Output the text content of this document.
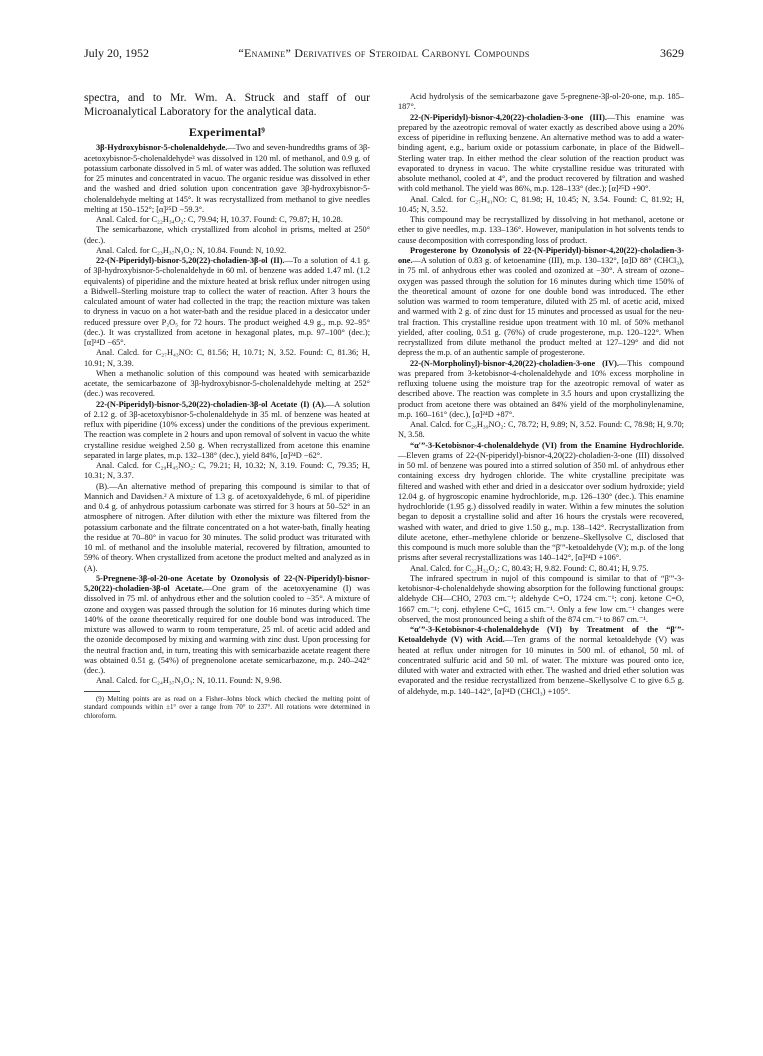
July 20, 1952	“Enamine” Derivatives of Steroidal Carbonyl Compounds	3629

spectra, and to Mr. Wm. A. Struck and staff of our Microanalytical Laboratory for the analytical data.

Experimental⁹

3β-Hydroxybisnor-5-cholenaldehyde.—Two and seven-hundredths grams of 3β-acetoxybisnor-5-cholenaldehyde³ was dissolved in 120 ml. of methanol, and 0.9 g. of potassium carbonate dissolved in 5 ml. of water was added. The solution was refluxed for 25 minutes and concentrated in vacuo. The organic residue was dissolved in ether and the washed and dried solution upon concentration gave 3β-hydroxybisnor-5-cholenaldehyde melting at 145°. It was recrystallized from methanol to give needles melting at 150–152°; [α]²⁵D −59.3°.

Anal. Calcd. for C₂₂H₃₄O₂: C, 79.94; H, 10.37. Found: C, 79.87; H, 10.28.

The semicarbazone, which crystallized from alcohol in prisms, melted at 250° (dec.).

Anal. Calcd. for C₂₃H₃₇N₃O₂: N, 10.84. Found: N, 10.92.

22-(N-Piperidyl)-bisnor-5,20(22)-choladien-3β-ol (II).—To a solution of 4.1 g. of 3β-hydroxybisnor-5-cholenaldehyde in 60 ml. of benzene was added 1.47 ml. (1.2 equivalents) of piperidine and the mixture heated at brisk reflux under nitrogen using a Bidwell–Sterling moisture trap to collect the water of reaction. After 3 hours the calculated amount of water had collected in the trap; the reaction mixture was taken to dryness in vacuo on a hot water-bath and the residue placed in a desiccator under reduced pressure over P₂O₅ for 72 hours. The product weighed 4.9 g., m.p. 92–95° (dec.). It was crystallized from acetone in hexagonal plates, m.p. 97–100° (dec.); [α]²⁴D −65°.

Anal. Calcd. for C₂₇H₄₃NO: C, 81.56; H, 10.71; N, 3.52. Found: C, 81.36; H, 10.91; N, 3.39.

When a methanolic solution of this compound was heated with semicarbazide acetate, the semicarbazone of 3β-hydroxybisnor-5-cholenaldehyde melting at 252° (dec.) was recovered.

22-(N-Piperidyl)-bisnor-5,20(22)-choladien-3β-ol Acetate (I) (A).—A solution of 2.12 g. of 3β-acetoxybisnor-5-cholenaldehyde in 35 ml. of benzene was heated at reflux with piperidine (10% excess) under the conditions of the previous experiment. The reaction was complete in 2 hours and upon removal of solvent in vacuo the white crystalline residue weighed 2.50 g. When recrystallized from acetone this enamine separated in large plates, m.p. 132–138° (dec.), yield 84%, [α]²⁴D −62°.

Anal. Calcd. for C₂₉H₄₅NO₂: C, 79.21; H, 10.32; N, 3.19. Found: C, 79.35; H, 10.31; N, 3.37.

(B).—An alternative method of preparing this compound is similar to that of Mannich and Davidsen.² A mixture of 1.3 g. of acetoxyaldehyde, 6 ml. of piperidine and 0.4 g. of anhydrous potassium carbonate was stirred for 3 hours at 50–52° in an atmosphere of nitrogen. After dilution with ether the mixture was filtered from the potassium carbonate and the filtrate concentrated on a hot water-bath, finally heating the residue at 70–80° in vacuo for 30 minutes. The solid product was triturated with 10 ml. of methanol and the insoluble material, recovered by filtration, amounted to 59% of theory. When crystallized from acetone the product melted and analyzed as in (A).

5-Pregnene-3β-ol-20-one Acetate by Ozonolysis of 22-(N-Piperidyl)-bisnor-5,20(22)-choladien-3β-ol Acetate.—One gram of the acetoxyenamine (I) was dissolved in 75 ml. of anhydrous ether and the solution cooled to −35°. A mixture of ozone and oxygen was passed through the solution for 16 minutes during which time 140% of the ozone theoretically required for one double bond was introduced. The mixture was allowed to warm to room temperature, 25 ml. of acetic acid added and the ozonide decomposed by mixing and warming with zinc dust. Upon processing for the neutral fraction and, in turn, treating this with semicarbazide acetate reagent there was obtained 0.51 g. (54%) of pregnenolone acetate semicarbazone, m.p. 240–242° (dec.).

Anal. Calcd. for C₂₄H₃₇N₃O₃: N, 10.11. Found: N, 9.98.

(9) Melting points are as read on a Fisher–Johns block which checked the melting point of standard compounds within ±1° over a range from 70° to 237°. All rotations were determined in chloroform.

Acid hydrolysis of the semicarbazone gave 5-pregnene-3β-ol-20-one, m.p. 185–187°.

22-(N-Piperidyl)-bisnor-4,20(22)-choladien-3-one (III).—This enamine was prepared by the azeotropic removal of water exactly as described above using a 20% excess of piperidine in refluxing benzene. An alternative method was to add a water-binding agent, e.g., barium oxide or potassium carbonate, in place of the Bidwell–Sterling water trap. In either method the clear solution of the reaction product was evaporated to dryness in vacuo. The white crystalline residue was triturated with absolute methanol, cooled at 4°, and the product recovered by filtration and washed with cold methanol. The yield was 86%, m.p. 128–133° (dec.); [α]²⁵D +90°.

Anal. Calcd. for C₂₇H₄₁NO: C, 81.98; H, 10.45; N, 3.54. Found: C, 81.92; H, 10.45; N, 3.52.

This compound may be recrystallized by dissolving in hot methanol, acetone or ether to give needles, m.p. 133–136°. However, manipulation in hot solvents tends to cause decomposition with corresponding loss of product.

Progesterone by Ozonolysis of 22-(N-Piperidyl)-bisnor-4,20(22)-choladien-3-one.—A solution of 0.83 g. of ketoenamine (III), m.p. 130–132°, [α]D 88° (CHCl₃), in 75 ml. of anhydrous ether was cooled and ozonized at −30°. A stream of ozone–oxygen was passed through the solution for 16 minutes during which time 150% of the theoretical amount of ozone for one double bond was introduced. The ether solution was warmed to room temperature, diluted with 25 ml. of acetic acid, mixed and warmed with 2 g. of zinc dust for 15 minutes and processed as usual for the neutral fraction. This crystalline residue upon treatment with 10 ml. of 50% methanol yielded, after cooling, 0.51 g. (76%) of crude progesterone, m.p. 120–122°. When recrystallized from dilute methanol the product melted at 127–129° and did not depress the m.p. of an authentic sample of progesterone.

22-(N-Morpholinyl)-bisnor-4,20(22)-choladien-3-one (IV).—This compound was prepared from 3-ketobisnor-4-cholenaldehyde and 10% excess morpholine in refluxing toluene using the moisture trap for the azeotropic removal of water as described above. The reaction was complete in 3.5 hours and upon crystallizing the product from acetone there was obtained an 84% yield of the morpholinylenamine, m.p. 160–161° (dec.), [α]²⁴D +87°.

Anal. Calcd. for C₂₆H₃₉NO₂: C, 78.72; H, 9.89; N, 3.52. Found: C, 78.98; H, 9.70; N, 3.58.

“α′”-3-Ketobisnor-4-cholenaldehyde (VI) from the Enamine Hydrochloride.—Eleven grams of 22-(N-piperidyl)-bisnor-4,20(22)-choladien-3-one (III) dissolved in 50 ml. of benzene was poured into a stirred solution of 350 ml. of anhydrous ether containing excess dry hydrogen chloride. The white crystalline precipitate was filtered and washed with ether and dried in a desiccator over sodium hydroxide; yield 12.04 g. of hygroscopic enamine hydrochloride, m.p. 126–130° (dec.). This enamine hydrochloride (1.95 g.) dissolved readily in water. Within a few minutes the solution began to deposit a crystalline solid and after 16 hours the crystals were recovered, washed with water, and dried to give 1.50 g., m.p. 138–142°. Recrystallization from dilute acetone, ether–methylene chloride or benzene–Skellysolve C, disclosed that this compound is much more soluble than the “β′”-ketoaldehyde (V); m.p. of the long prisms after several recrystallizations was 140–142°, [α]²⁴D +106°.

Anal. Calcd. for C₂₂H₃₂O₂: C, 80.43; H, 9.82. Found: C, 80.41; H, 9.75.

The infrared spectrum in nujol of this compound is similar to that of “β′”-3-ketobisnor-4-cholenaldehyde showing absorption for the following functional groups: aldehyde CH—CHO, 2703 cm.⁻¹; aldehyde C=O, 1724 cm.⁻¹; conj. ketone C=O, 1667 cm.⁻¹; conj. ethylene C=C, 1615 cm.⁻¹. Only a few low cm.⁻¹ changes were observed, the most pronounced being a shift of the 874 cm.⁻¹ to 867 cm.⁻¹.

“α′”-3-Ketobisnor-4-cholenaldehyde (VI) by Treatment of the “β′”-Ketoaldehyde (V) with Acid.—Ten grams of the normal ketoaldehyde (V) was heated at reflux under nitrogen for 10 minutes in 500 ml. of ethanol, 50 ml. of concentrated sulfuric acid and 50 ml. of water. The mixture was poured onto ice, diluted with water and extracted with ether. The washed and dried ether solution was evaporated and the residue recrystallized from benzene–Skellysolve C to give 6.5 g. of aldehyde, m.p. 140–142°, [α]²⁴D (CHCl₃) +105°.
